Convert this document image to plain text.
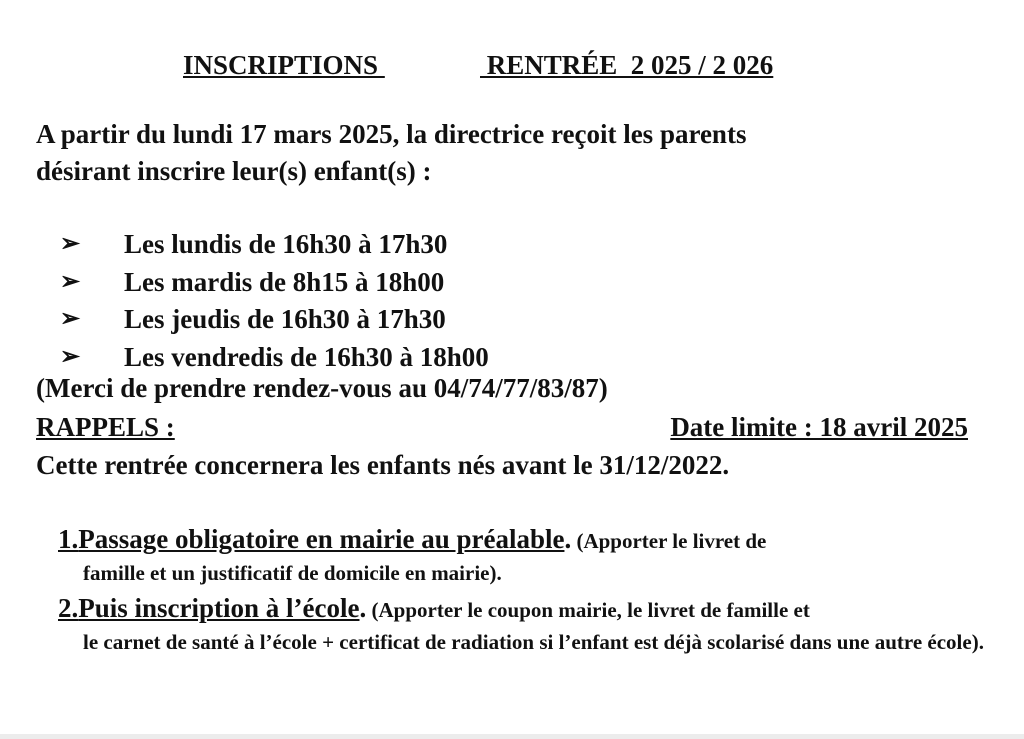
INSCRIPTIONS	RENTRÉE  2 025 / 2 026
A partir du lundi 17 mars 2025, la directrice reçoit les parents
désirant inscrire leur(s) enfant(s) :
➢ Les lundis de 16h30 à 17h30
➢ Les mardis de 8h15 à 18h00
➢ Les jeudis de 16h30 à 17h30
➢ Les vendredis de 16h30 à 18h00
(Merci de prendre rendez-vous au 04/74/77/83/87)
RAPPELS :	Date limite : 18 avril 2025
Cette rentrée concernera les enfants nés avant le 31/12/2022.
1.Passage obligatoire en mairie au préalable. (Apporter le livret de
famille et un justificatif de domicile en mairie).
2.Puis inscription à l’école. (Apporter le coupon mairie, le livret de famille et
le carnet de santé à l’école + certificat de radiation si l’enfant est déjà scolarisé dans une autre école).
